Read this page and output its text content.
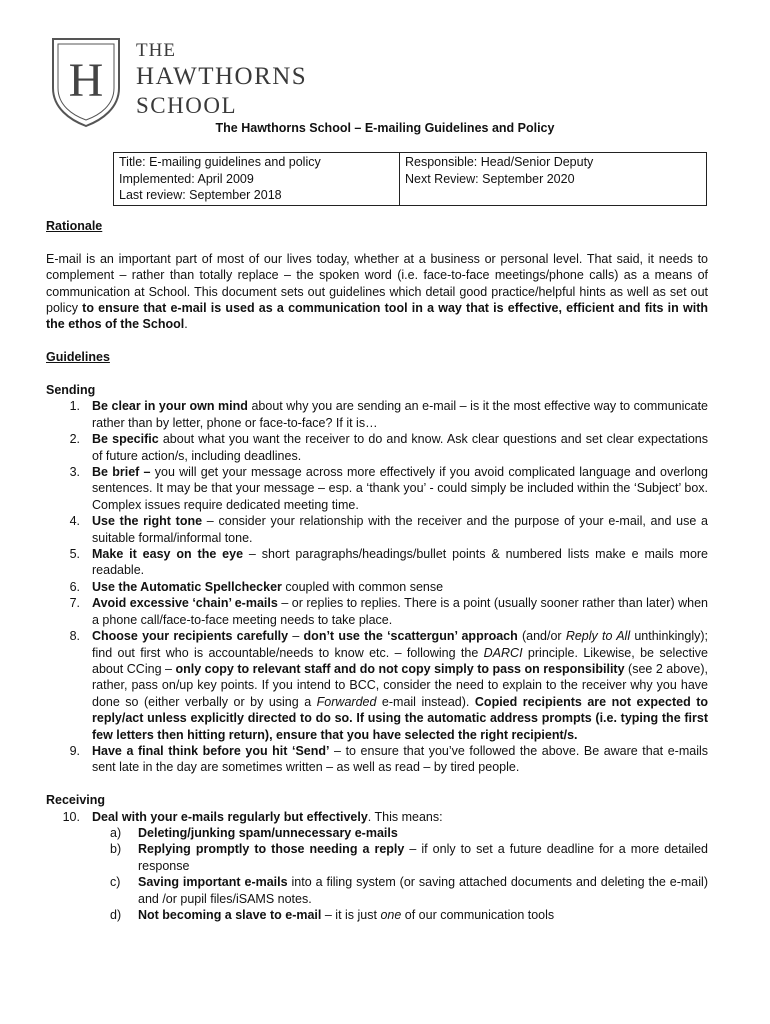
H
THE
HAWTHORNS
SCHOOL
The Hawthorns School – E-mailing Guidelines and Policy
Title: E-mailing guidelines and policy
Implemented: April 2009
Last review: September 2018

Responsible: Head/Senior Deputy
Next Review: September 2020
Rationale

E-mail is an important part of most of our lives today, whether at a business or personal level. That said, it needs to complement – rather than totally replace – the spoken word (i.e. face-to-face meetings/phone calls) as a means of communication at School. This document sets out guidelines which detail good practice/helpful hints as well as set out policy to ensure that e-mail is used as a communication tool in a way that is effective, efficient and fits in with the ethos of the School.

Guidelines
Sending
1. Be clear in your own mind about why you are sending an e-mail – is it the most effective way to communicate rather than by letter, phone or face-to-face? If it is…
2. Be specific about what you want the receiver to do and know. Ask clear questions and set clear expectations of future action/s, including deadlines.
3. Be brief – you will get your message across more effectively if you avoid complicated language and overlong sentences. It may be that your message – esp. a ‘thank you’ - could simply be included within the ‘Subject’ box. Complex issues require dedicated meeting time.
4. Use the right tone – consider your relationship with the receiver and the purpose of your e-mail, and use a suitable formal/informal tone.
5. Make it easy on the eye – short paragraphs/headings/bullet points & numbered lists make e mails more readable.
6. Use the Automatic Spellchecker coupled with common sense
7. Avoid excessive ‘chain’ e-mails – or replies to replies. There is a point (usually sooner rather than later) when a phone call/face-to-face meeting needs to take place.
8. Choose your recipients carefully – don’t use the ‘scattergun’ approach (and/or Reply to All unthinkingly); find out first who is accountable/needs to know etc. – following the DARCI principle. Likewise, be selective about CCing – only copy to relevant staff and do not copy simply to pass on responsibility (see 2 above), rather, pass on/up key points. If you intend to BCC, consider the need to explain to the receiver why you have done so (either verbally or by using a Forwarded e-mail instead). Copied recipients are not expected to reply/act unless explicitly directed to do so. If using the automatic address prompts (i.e. typing the first few letters then hitting return), ensure that you have selected the right recipient/s.
9. Have a final think before you hit ‘Send’ – to ensure that you’ve followed the above. Be aware that e-mails sent late in the day are sometimes written – as well as read – by tired people.
Receiving
10. Deal with your e-mails regularly but effectively. This means:
a)	Deleting/junking spam/unnecessary e-mails
b)	Replying promptly to those needing a reply – if only to set a future deadline for a more detailed response
c)	Saving important e-mails into a filing system (or saving attached documents and deleting the e-mail) and /or pupil files/iSAMS notes.
d)	Not becoming a slave to e-mail – it is just one of our communication tools
